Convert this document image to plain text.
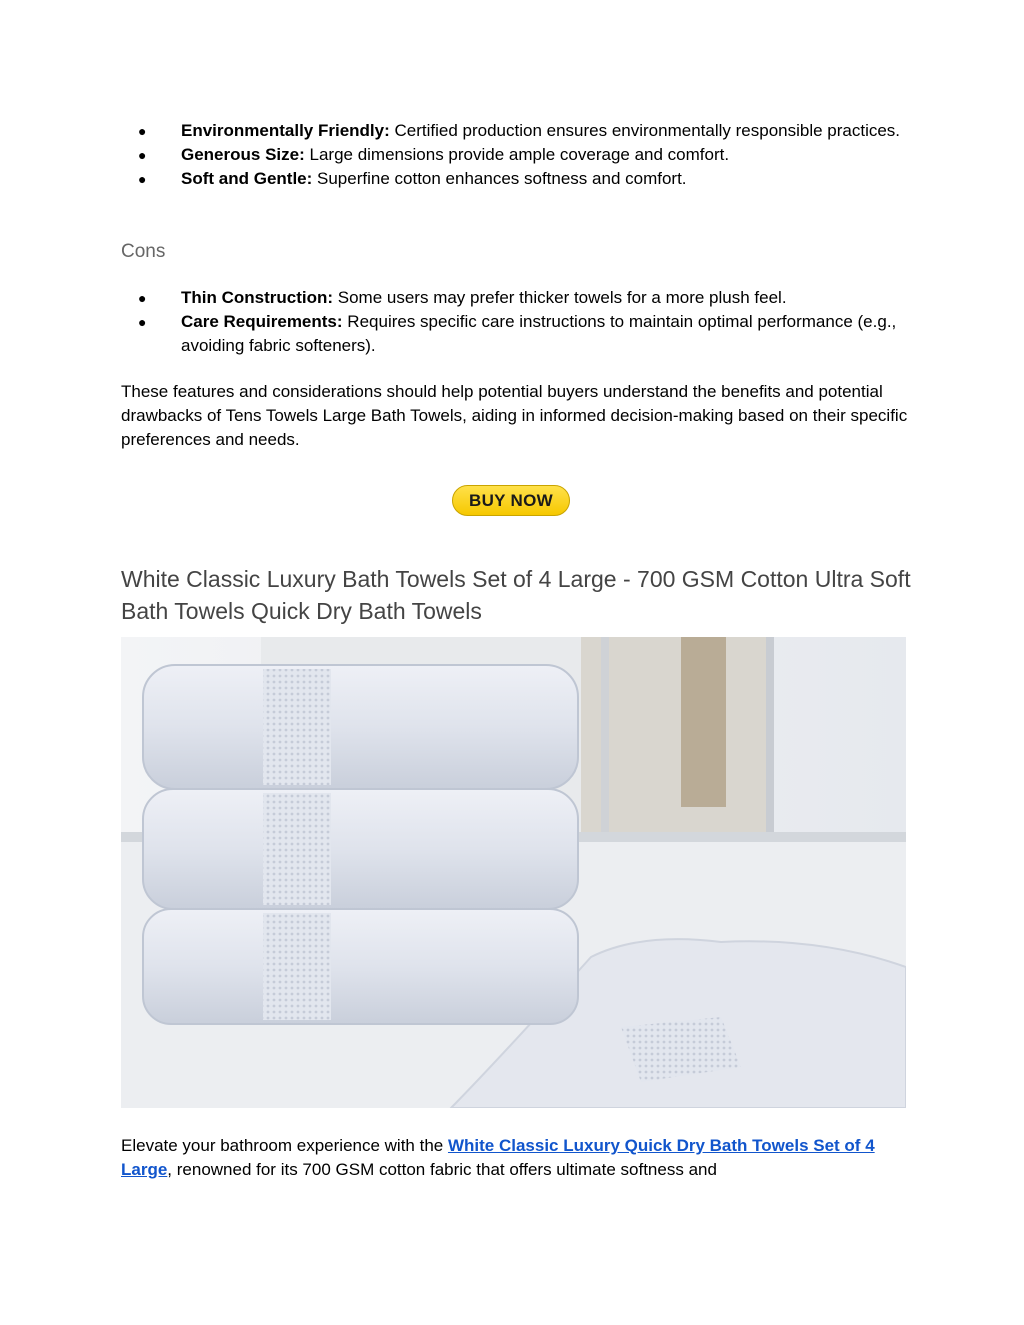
● Environmentally Friendly: Certified production ensures environmentally responsible practices.
● Generous Size: Large dimensions provide ample coverage and comfort.
● Soft and Gentle: Superfine cotton enhances softness and comfort.
Cons
● Thin Construction: Some users may prefer thicker towels for a more plush feel.
● Care Requirements: Requires specific care instructions to maintain optimal performance (e.g., avoiding fabric softeners).
These features and considerations should help potential buyers understand the benefits and potential drawbacks of Tens Towels Large Bath Towels, aiding in informed decision-making based on their specific preferences and needs.
BUY NOW
White Classic Luxury Bath Towels Set of 4 Large - 700 GSM Cotton Ultra Soft Bath Towels Quick Dry Bath Towels
Elevate your bathroom experience with the White Classic Luxury Quick Dry Bath Towels Set of 4 Large, renowned for its 700 GSM cotton fabric that offers ultimate softness and
